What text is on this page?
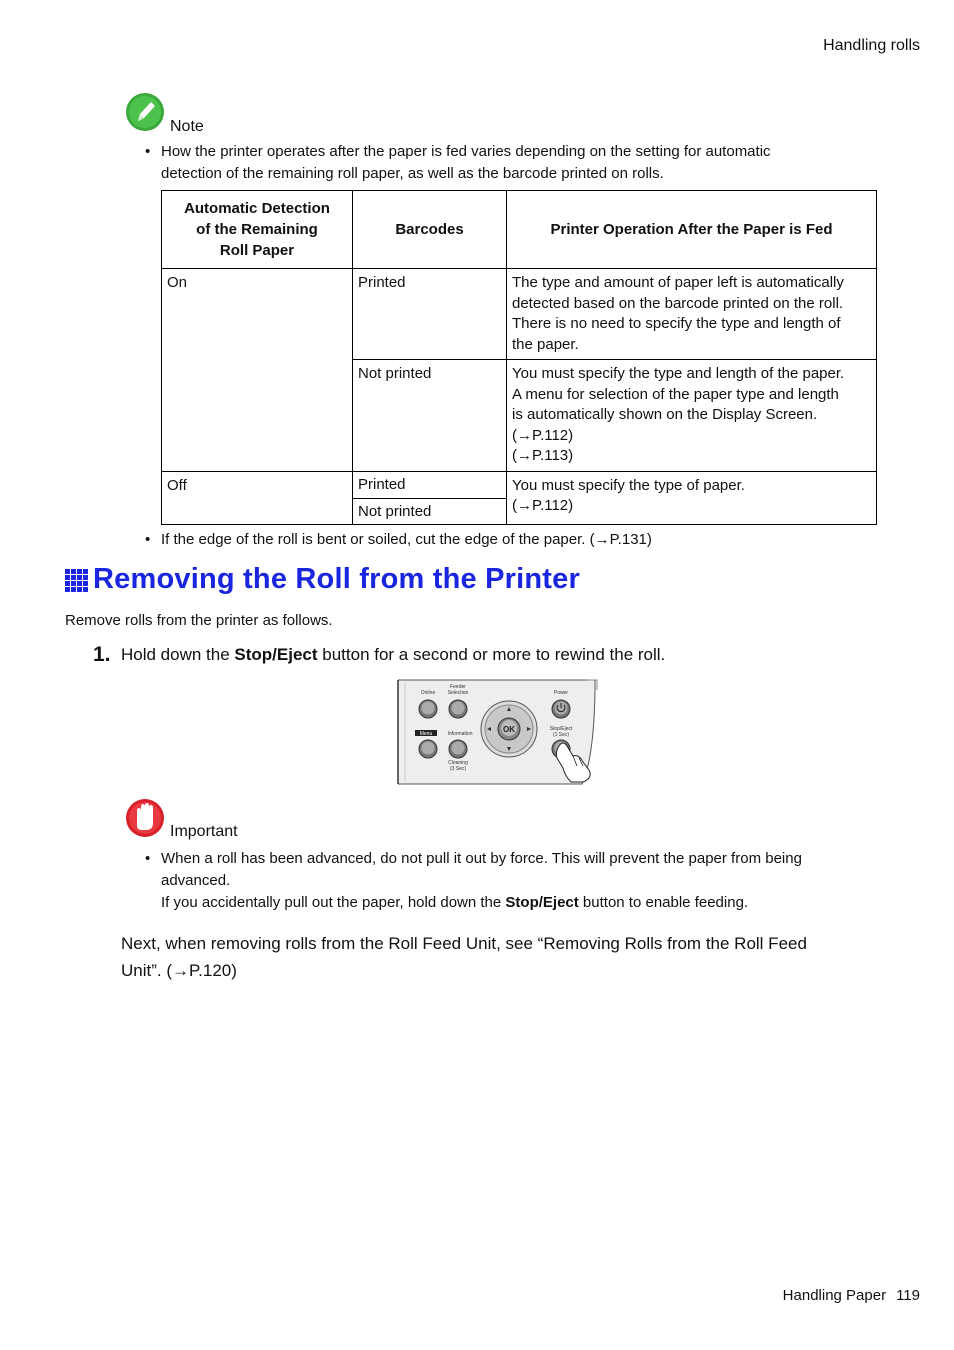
Handling rolls
Note
• How the printer operates after the paper is fed varies depending on the setting for automatic
detection of the remaining roll paper, as well as the barcode printed on rolls.
Automatic Detection
of the Remaining
Roll Paper	Barcodes	Printer Operation After the Paper is Fed
On	Printed	The type and amount of paper left is automatically
detected based on the barcode printed on the roll.
There is no need to specify the type and length of
the paper.

	Not printed	You must specify the type and length of the paper.
A menu for selection of the paper type and length
is automatically shown on the Display Screen.
(→P.112)
(→P.113)

Off	Printed	You must specify the type of paper.
(→P.112)

	Not printed	
• If the edge of the roll is bent or soiled, cut the edge of the paper. (→P.131)
Removing the Roll from the Printer
Remove rolls from the printer as follows.
1. Hold down the Stop/Eject button for a second or more to rewind the roll.
Online
Feeder
Selection	Power
Menu	Information
Cleaning
(3 Sec)
OK	Stop/Eject
(1 Sec)
Important
• When a roll has been advanced, do not pull it out by force. This will prevent the paper from being
advanced.
If you accidentally pull out the paper, hold down the Stop/Eject button to enable feeding.
Next, when removing rolls from the Roll Feed Unit, see “Removing Rolls from the Roll Feed
Unit”. (→P.120)
Handling Paper 119
